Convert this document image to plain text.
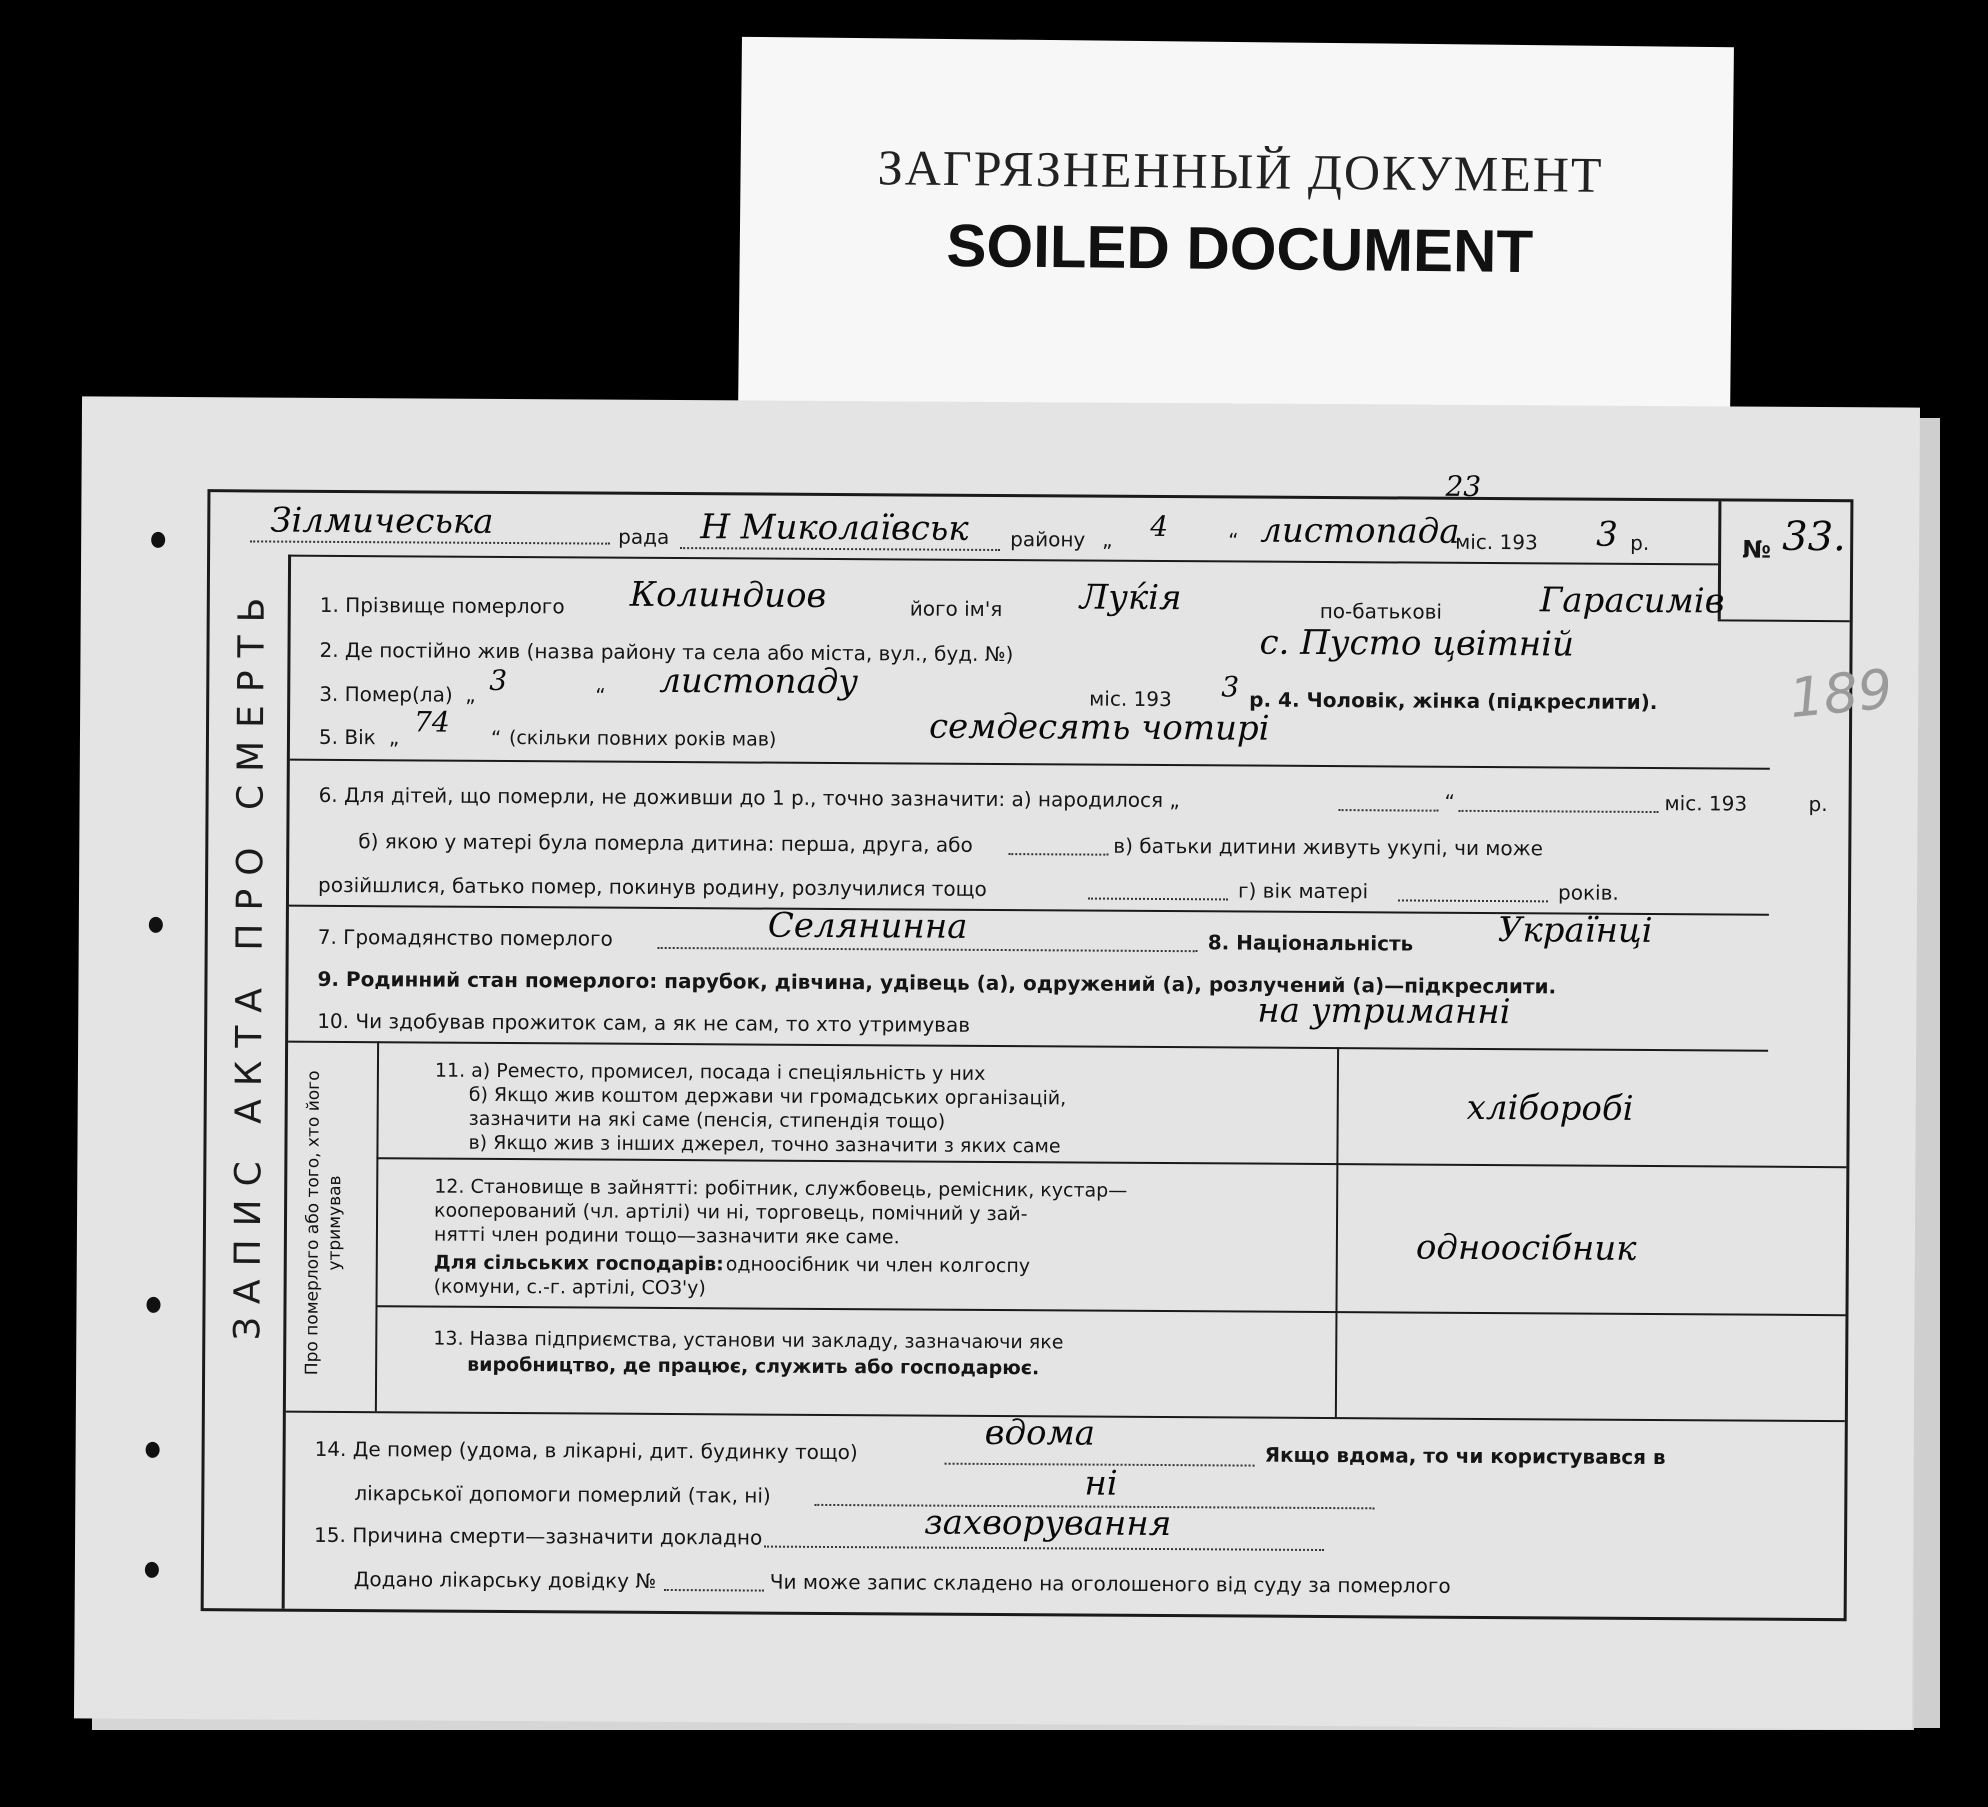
ЗАГРЯЗНЕННЫЙ ДОКУМЕНТ
SOILED DOCUMENT
ЗАПИС АКТА ПРО СМЕРТЬ
Зілмичеська	рада Н Миколаївськ району „ 4	“ листопада
міс. 193 3 р.
23
№ 33.
1. Прізвище померлого Колиндиов	його ім'я Луќія	по-батькові	Гарасимів
2. Де постійно жив (назва району та села або міста, вул., буд. №)	с. Пусто цвітній
3. Помер(ла) „ 3	“ листопаду	міс. 193 3 р. 4. Чоловік, жінка (підкреслити). 189
5. Вік „ 74 “ (скільки повних років мав)	семдесять чотирі
6. Для дітей, що померли, не доживши до 1 р., точно зазначити: а) народилося „	“	міс. 193	р.
б) якою у матері була померла дитина: перша, друга, або	в) батьки дитини живуть укупі, чи може
розійшлися, батько помер, покинув родину, розлучилися тощо	г) вік матері	років.
7. Громадянство померлого	Селянинна	8. Національність Українці
9. Родинний стан померлого: парубок, дівчина, удівець (а), одружений (а), розлучений (а)—підкреслити.
10. Чи здобував прожиток сам, а як не сам, то хто утримував	на утриманні
Про померлого або того, хто його утримував
11. а) Реместо, промисел, посада і спеціяльність у них
б) Якщо жив коштом держави чи громадських організацій,
зазначити на які саме (пенсія, стипендія тощо)
в) Якщо жив з інших джерел, точно зазначити з яких саме
хліборобі
12. Становище в зайнятті: робітник, службовець, ремісник, кустар—
кооперований (чл. артілі) чи ні, торговець, помічний у зай-
нятті член родини тощо—зазначити яке саме.
Для сільських господарів: одноосібник чи член колгоспу
(комуни, с.-г. артілі, СОЗ'у)
одноосібник
13. Назва підприємства, установи чи закладу, зазначаючи яке
виробництво, де працює, служить або господарює.
14. Де помер (удома, в лікарні, дит. будинку тощо)	вдома
Якщо вдома, то чи користувався в
лікарської допомоги померлий (так, ні)	ні
15. Причина смерти—зазначити докладно	захворування
Додано лікарську довідку №	Чи може запис складено на оголошеного від суду за померлого
